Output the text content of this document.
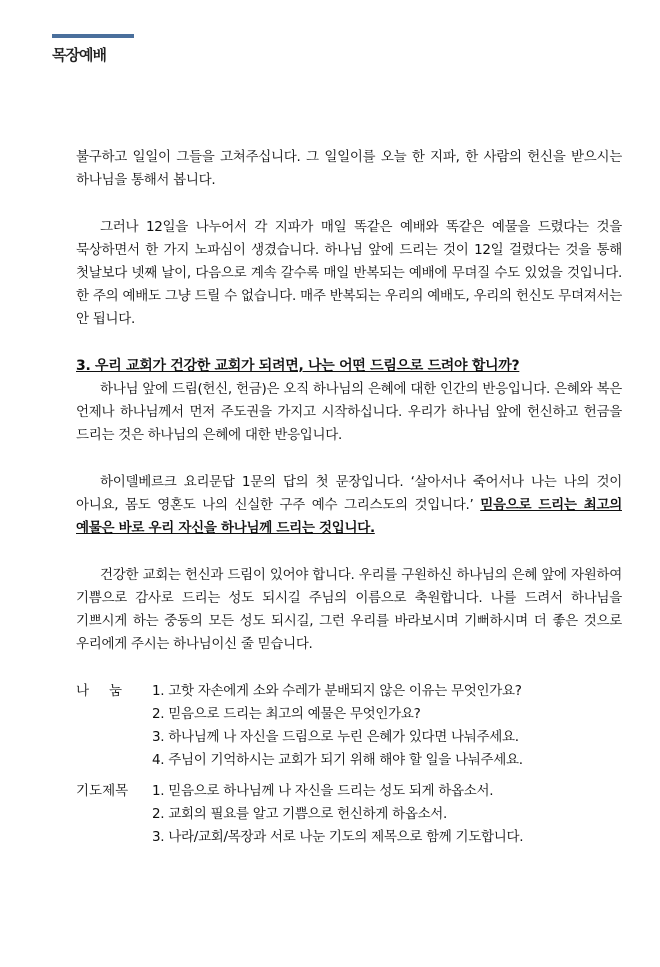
목장예배

불구하고 일일이 그들을 고쳐주십니다. 그 일일이를 오늘 한 지파, 한 사람의 헌신을 받으시는 하나님을 통해서 봅니다.

그러나 12일을 나누어서 각 지파가 매일 똑같은 예배와 똑같은 예물을 드렸다는 것을 묵상하면서 한 가지 노파심이 생겼습니다. 하나님 앞에 드리는 것이 12일 걸렸다는 것을 통해 첫날보다 넷째 날이, 다음으로 계속 갈수록 매일 반복되는 예배에 무뎌질 수도 있었을 것입니다. 한 주의 예배도 그냥 드릴 수 없습니다. 매주 반복되는 우리의 예배도, 우리의 헌신도 무뎌져서는 안 됩니다.

3. 우리 교회가 건강한 교회가 되려면, 나는 어떤 드림으로 드려야 합니까?

하나님 앞에 드림(헌신, 헌금)은 오직 하나님의 은혜에 대한 인간의 반응입니다. 은혜와 복은 언제나 하나님께서 먼저 주도권을 가지고 시작하십니다. 우리가 하나님 앞에 헌신하고 헌금을 드리는 것은 하나님의 은혜에 대한 반응입니다.

하이델베르크 요리문답 1문의 답의 첫 문장입니다. ‘살아서나 죽어서나 나는 나의 것이 아니요, 몸도 영혼도 나의 신실한 구주 예수 그리스도의 것입니다.’ 믿음으로 드리는 최고의 예물은 바로 우리 자신을 하나님께 드리는 것입니다.

건강한 교회는 헌신과 드림이 있어야 합니다. 우리를 구원하신 하나님의 은혜 앞에 자원하여 기쁨으로 감사로 드리는 성도 되시길 주님의 이름으로 축원합니다. 나를 드려서 하나님을 기쁘시게 하는 중동의 모든 성도 되시길, 그런 우리를 바라보시며 기뻐하시며 더 좋은 것으로 우리에게 주시는 하나님이신 줄 믿습니다.

나눔 1. 고핫 자손에게 소와 수레가 분배되지 않은 이유는 무엇인가요?
2. 믿음으로 드리는 최고의 예물은 무엇인가요?
3. 하나님께 나 자신을 드림으로 누린 은혜가 있다면 나눠주세요.
4. 주님이 기억하시는 교회가 되기 위해 해야 할 일을 나눠주세요.
기도제목	1. 믿음으로 하나님께 나 자신을 드리는 성도 되게 하옵소서.
2. 교회의 필요를 알고 기쁨으로 헌신하게 하옵소서.
3. 나라/교회/목장과 서로 나눈 기도의 제목으로 함께 기도합니다.
